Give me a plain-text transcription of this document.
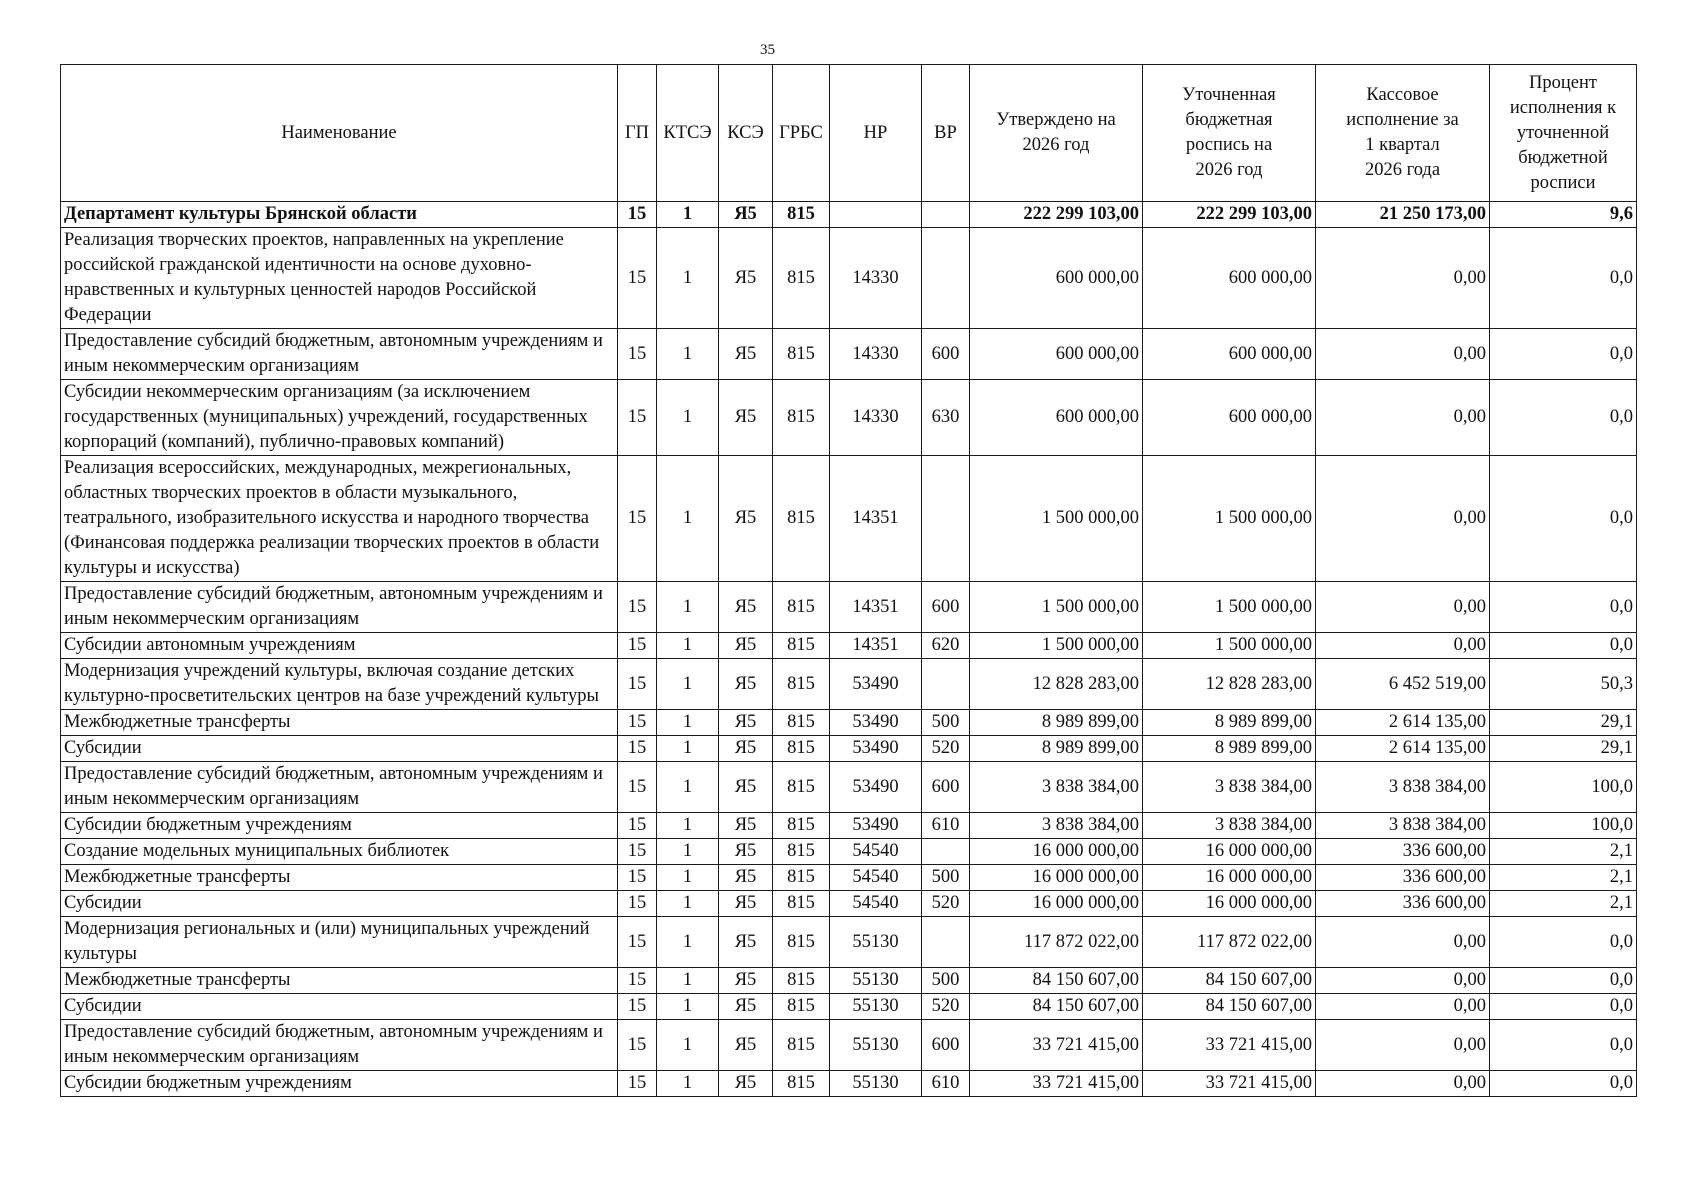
35
Наименование	ГП	КТСЭ	КСЭ	ГРБС	НР	ВР	Утверждено на 2026 год	Уточненная бюджетная роспись на 2026 год	Кассовое исполнение за 1 квартал 2026 года	Процент исполнения к уточненной бюджетной росписи
Департамент культуры Брянской области	15	1	Я5	815			222 299 103,00	222 299 103,00	21 250 173,00	9,6
Реализация творческих проектов, направленных на укрепление российской гражданской идентичности на основе духовно-нравственных и культурных ценностей народов Российской Федерации	15	1	Я5	815	14330		600 000,00	600 000,00	0,00	0,0
Предоставление субсидий бюджетным, автономным учреждениям и иным некоммерческим организациям	15	1	Я5	815	14330	600	600 000,00	600 000,00	0,00	0,0
Субсидии некоммерческим организациям (за исключением государственных (муниципальных) учреждений, государственных корпораций (компаний), публично-правовых компаний)	15	1	Я5	815	14330	630	600 000,00	600 000,00	0,00	0,0
Реализация всероссийских, международных, межрегиональных, областных творческих проектов в области музыкального, театрального, изобразительного искусства и народного творчества (Финансовая поддержка реализации творческих проектов в области культуры и искусства)	15	1	Я5	815	14351		1 500 000,00	1 500 000,00	0,00	0,0
Предоставление субсидий бюджетным, автономным учреждениям и иным некоммерческим организациям	15	1	Я5	815	14351	600	1 500 000,00	1 500 000,00	0,00	0,0
Субсидии автономным учреждениям	15	1	Я5	815	14351	620	1 500 000,00	1 500 000,00	0,00	0,0
Модернизация учреждений культуры, включая создание детских культурно-просветительских центров на базе учреждений культуры	15	1	Я5	815	53490		12 828 283,00	12 828 283,00	6 452 519,00	50,3
Межбюджетные трансферты	15	1	Я5	815	53490	500	8 989 899,00	8 989 899,00	2 614 135,00	29,1
Субсидии	15	1	Я5	815	53490	520	8 989 899,00	8 989 899,00	2 614 135,00	29,1
Предоставление субсидий бюджетным, автономным учреждениям и иным некоммерческим организациям	15	1	Я5	815	53490	600	3 838 384,00	3 838 384,00	3 838 384,00	100,0
Субсидии бюджетным учреждениям	15	1	Я5	815	53490	610	3 838 384,00	3 838 384,00	3 838 384,00	100,0
Создание модельных муниципальных библиотек	15	1	Я5	815	54540		16 000 000,00	16 000 000,00	336 600,00	2,1
Межбюджетные трансферты	15	1	Я5	815	54540	500	16 000 000,00	16 000 000,00	336 600,00	2,1
Субсидии	15	1	Я5	815	54540	520	16 000 000,00	16 000 000,00	336 600,00	2,1
Модернизация региональных и (или) муниципальных учреждений культуры	15	1	Я5	815	55130		117 872 022,00	117 872 022,00	0,00	0,0
Межбюджетные трансферты	15	1	Я5	815	55130	500	84 150 607,00	84 150 607,00	0,00	0,0
Субсидии	15	1	Я5	815	55130	520	84 150 607,00	84 150 607,00	0,00	0,0
Предоставление субсидий бюджетным, автономным учреждениям и иным некоммерческим организациям	15	1	Я5	815	55130	600	33 721 415,00	33 721 415,00	0,00	0,0
Субсидии бюджетным учреждениям	15	1	Я5	815	55130	610	33 721 415,00	33 721 415,00	0,00	0,0
